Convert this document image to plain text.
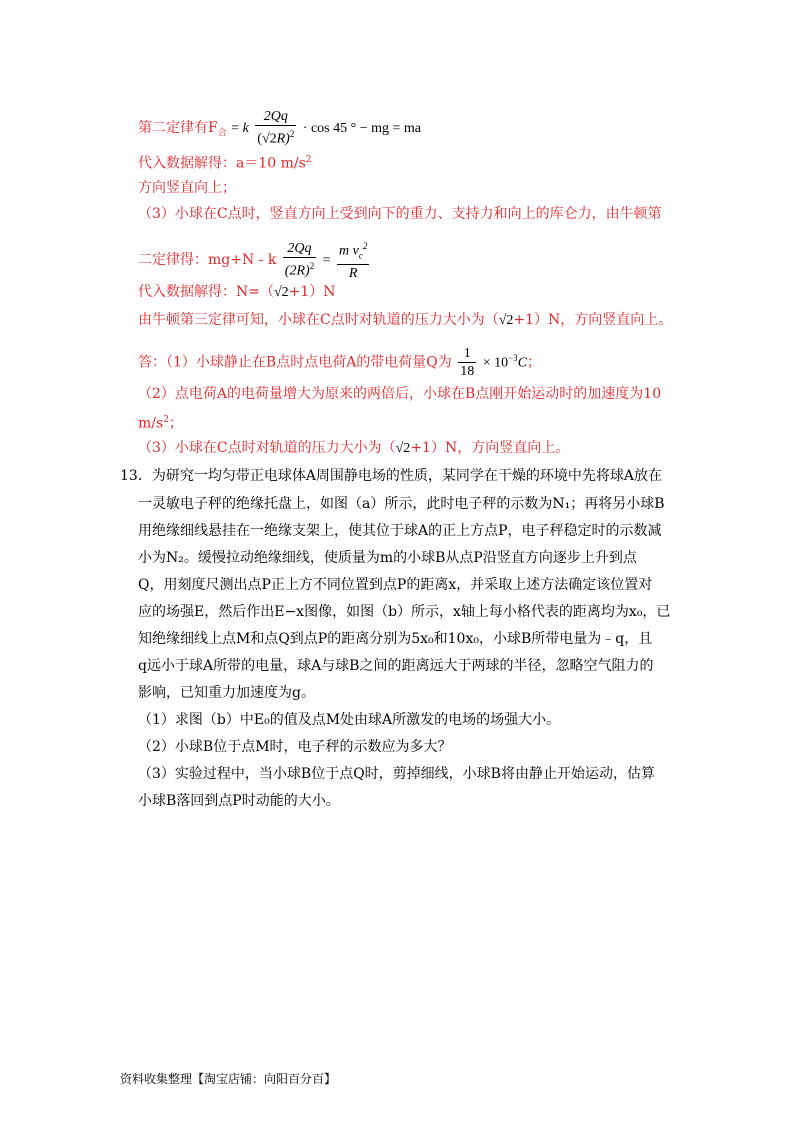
第二定律有$F_合 = k \frac{2Qq}{(√2R)^2} \cdot \cos 45$ ° − mg = ma
代入数据解得：a＝10 $m/s^2$
方向竖直向上；
（3）小球在C点时，竖直方向上受到向下的重力、支持力和向上的库仑力，由牛顿第
二定律得：mg+N - k $\frac{2Qq}{(2R)^2} = \frac{m v_c^2}{R}$
代入数据解得：N=（√2+1）N
由牛顿第三定律可知，小球在C点时对轨道的压力大小为（√2+1）N，方向竖直向上。
答：（1）小球静止在B点时点电荷A的带电荷量Q为 $\frac{1}{18} \times 10^{-3}C$；
（2）点电荷A的电荷量增大为原来的两倍后，小球在B点刚开始运动时的加速度为10
$m/s^2$；
（3）小球在C点时对轨道的压力大小为（√2+1）N，方向竖直向上。
13．为研究一均匀带正电球体A周围静电场的性质，某同学在干燥的环境中先将球A放在
一灵敏电子秤的绝缘托盘上，如图（a）所示，此时电子秤的示数为N₁；再将另小球B
用绝缘细线悬挂在一绝缘支架上，使其位于球A的正上方点P，电子秤稳定时的示数减
小为N₂。缓慢拉动绝缘细线，使质量为m的小球B从点P沿竖直方向逐步上升到点
Q，用刻度尺测出点P正上方不同位置到点P的距离x，并采取上述方法确定该位置对
应的场强E，然后作出E−x图像，如图（b）所示，x轴上每小格代表的距离均为x₀，已
知绝缘细线上点M和点Q到点P的距离分别为5x₀和10x₀，小球B所带电量为﹣q，且
q远小于球A所带的电量，球A与球B之间的距离远大于两球的半径，忽略空气阻力的
影响，已知重力加速度为g。
（1）求图（b）中E₀的值及点M处由球A所激发的电场的场强大小。
（2）小球B位于点M时，电子秤的示数应为多大？
（3）实验过程中，当小球B位于点Q时，剪掉细线，小球B将由静止开始运动，估算
小球B落回到点P时动能的大小。
资料收集整理【淘宝店铺：向阳百分百】
